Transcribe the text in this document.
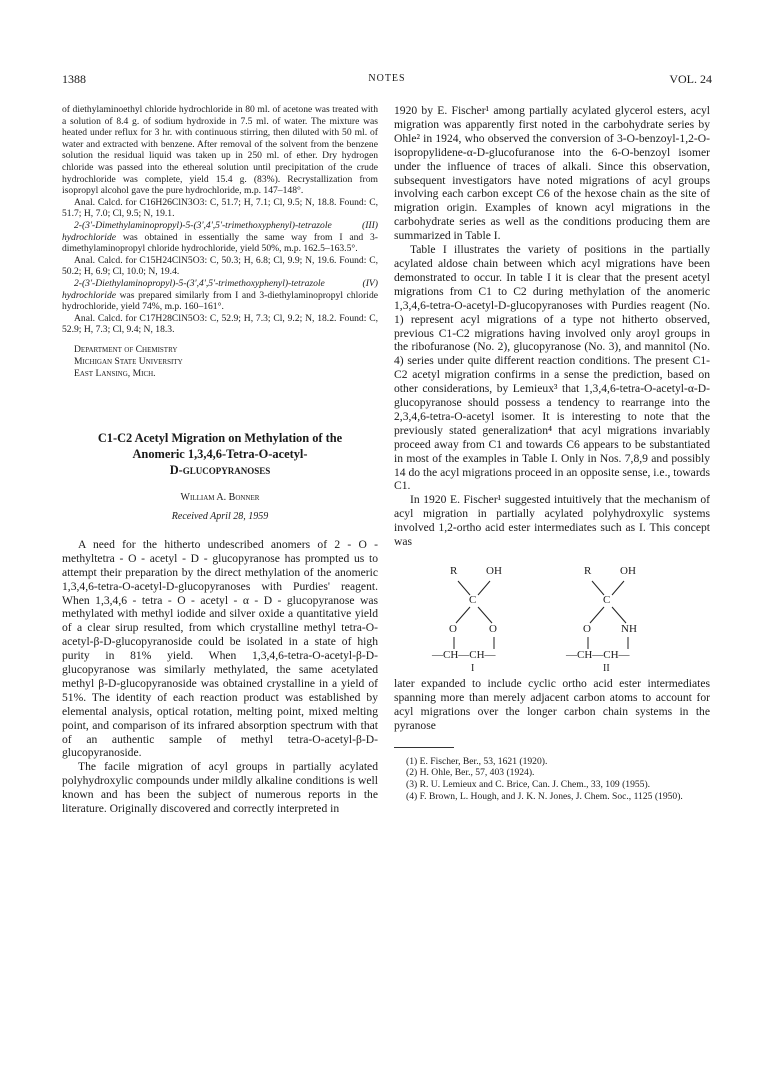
1388	NOTES	VOL. 24

of diethylaminoethyl chloride hydrochloride in 80 ml. of acetone was treated with a solution of 8.4 g. of sodium hydroxide in 7.5 ml. of water. The mixture was heated under reflux for 3 hr. with continuous stirring, then diluted with 50 ml. of water and extracted with benzene. After removal of the solvent from the benzene solution the residual liquid was taken up in 250 ml. of ether. Dry hydrogen chloride was passed into the ethereal solution until precipitation of the crude hydrochloride was complete, yield 15.4 g. (83%). Recrystallization from isopropyl alcohol gave the pure hydrochloride, m.p. 147–148°.

Anal. Calcd. for C16H26ClN3O3: C, 51.7; H, 7.1; Cl, 9.5; N, 18.8. Found: C, 51.7; H, 7.0; Cl, 9.5; N, 19.1.

2-(3'-Dimethylaminopropyl)-5-(3',4',5'-trimethoxyphenyl)-tetrazole (III) hydrochloride was obtained in essentially the same way from I and 3-dimethylaminopropyl chloride hydrochloride, yield 50%, m.p. 162.5–163.5°.

Anal. Calcd. for C15H24ClN5O3: C, 50.3; H, 6.8; Cl, 9.9; N, 19.6. Found: C, 50.2; H, 6.9; Cl, 10.0; N, 19.4.

2-(3'-Diethylaminopropyl)-5-(3',4',5'-trimethoxyphenyl)-tetrazole (IV) hydrochloride was prepared similarly from I and 3-diethylaminopropyl chloride hydrochloride, yield 74%, m.p. 160–161°.

Anal. Calcd. for C17H28ClN5O3: C, 52.9; H, 7.3; Cl, 9.2; N, 18.2. Found: C, 52.9; H, 7.3; Cl, 9.4; N, 18.3.

Department of Chemistry
Michigan State University
East Lansing, Mich.
C1-C2 Acetyl Migration on Methylation of the
Anomeric 1,3,4,6-Tetra-O-acetyl-
D-glucopyranoses
William A. Bonner
Received April 28, 1959

A need for the hitherto undescribed anomers of 2 - O - methyltetra - O - acetyl - D - glucopyranose has prompted us to attempt their preparation by the direct methylation of the anomeric 1,3,4,6-tetra-O-acetyl-D-glucopyranoses with Purdies' reagent. When 1,3,4,6 - tetra - O - acetyl - α - D - glucopyranose was methylated with methyl iodide and silver oxide a quantitative yield of a clear sirup resulted, from which crystalline methyl tetra-O-acetyl-β-D-glucopyranoside could be isolated in a state of high purity in 81% yield. When 1,3,4,6-tetra-O-acetyl-β-D-glucopyranose was similarly methylated, the same acetylated methyl β-D-glucopyranoside was obtained crystalline in a yield of 51%. The identity of each reaction product was established by elemental analysis, optical rotation, melting point, mixed melting point, and comparison of its infrared absorption spectrum with that of an authentic sample of methyl tetra-O-acetyl-β-D-glucopyranoside.

The facile migration of acyl groups in partially acylated polyhydroxylic compounds under mildly alkaline conditions is well known and has been the subject of numerous reports in the literature. Originally discovered and correctly interpreted in

1920 by E. Fischer¹ among partially acylated glycerol esters, acyl migration was apparently first noted in the carbohydrate series by Ohle² in 1924, who observed the conversion of 3-O-benzoyl-1,2-O-isopropylidene-α-D-glucofuranose into the 6-O-benzoyl isomer under the influence of traces of alkali. Since this observation, subsequent investigators have noted migrations of acyl groups involving each carbon except C6 of the hexose chain as the site of migration origin. Examples of known acyl migrations in the carbohydrate series as well as the conditions producing them are summarized in Table I.

Table I illustrates the variety of positions in the partially acylated aldose chain between which acyl migrations have been demonstrated to occur. In table I it is clear that the present acetyl migrations from C1 to C2 during methylation of the anomeric 1,3,4,6-tetra-O-acetyl-D-glucopyranoses with Purdies reagent (No. 1) represent acyl migrations of a type not hitherto observed, previous C1-C2 migrations having involved only aroyl groups in the ribofuranose (No. 2), glucopyranose (No. 3), and mannitol (No. 4) series under quite different reaction conditions. The present C1-C2 acetyl migration confirms in a sense the prediction, based on other considerations, by Lemieux³ that 1,3,4,6-tetra-O-acetyl-α-D-glucopyranose should possess a tendency to rearrange into the 2,3,4,6-tetra-O-acetyl isomer. It is interesting to note that the previously stated generalization⁴ that acyl migrations invariably proceed away from C1 and towards C6 appears to be substantiated in most of the examples in Table I. Only in Nos. 7,8,9 and possibly 14 do the acyl migrations proceed in an opposite sense, i.e., towards C1.

In 1920 E. Fischer¹ suggested intuitively that the mechanism of acyl migration in partially acylated polyhydroxylic systems involved 1,2-ortho acid ester intermediates such as I. This concept was

R	OH
C
O	O
—CH—CH—
I
R	OH
C
O	NH
—CH—CH—
II

later expanded to include cyclic ortho acid ester intermediates spanning more than merely adjacent carbon atoms to account for acyl migrations over the longer carbon chain systems in the pyranose

(1) E. Fischer, Ber., 53, 1621 (1920).

(2) H. Ohle, Ber., 57, 403 (1924).

(3) R. U. Lemieux and C. Brice, Can. J. Chem., 33, 109 (1955).

(4) F. Brown, L. Hough, and J. K. N. Jones, J. Chem. Soc., 1125 (1950).
